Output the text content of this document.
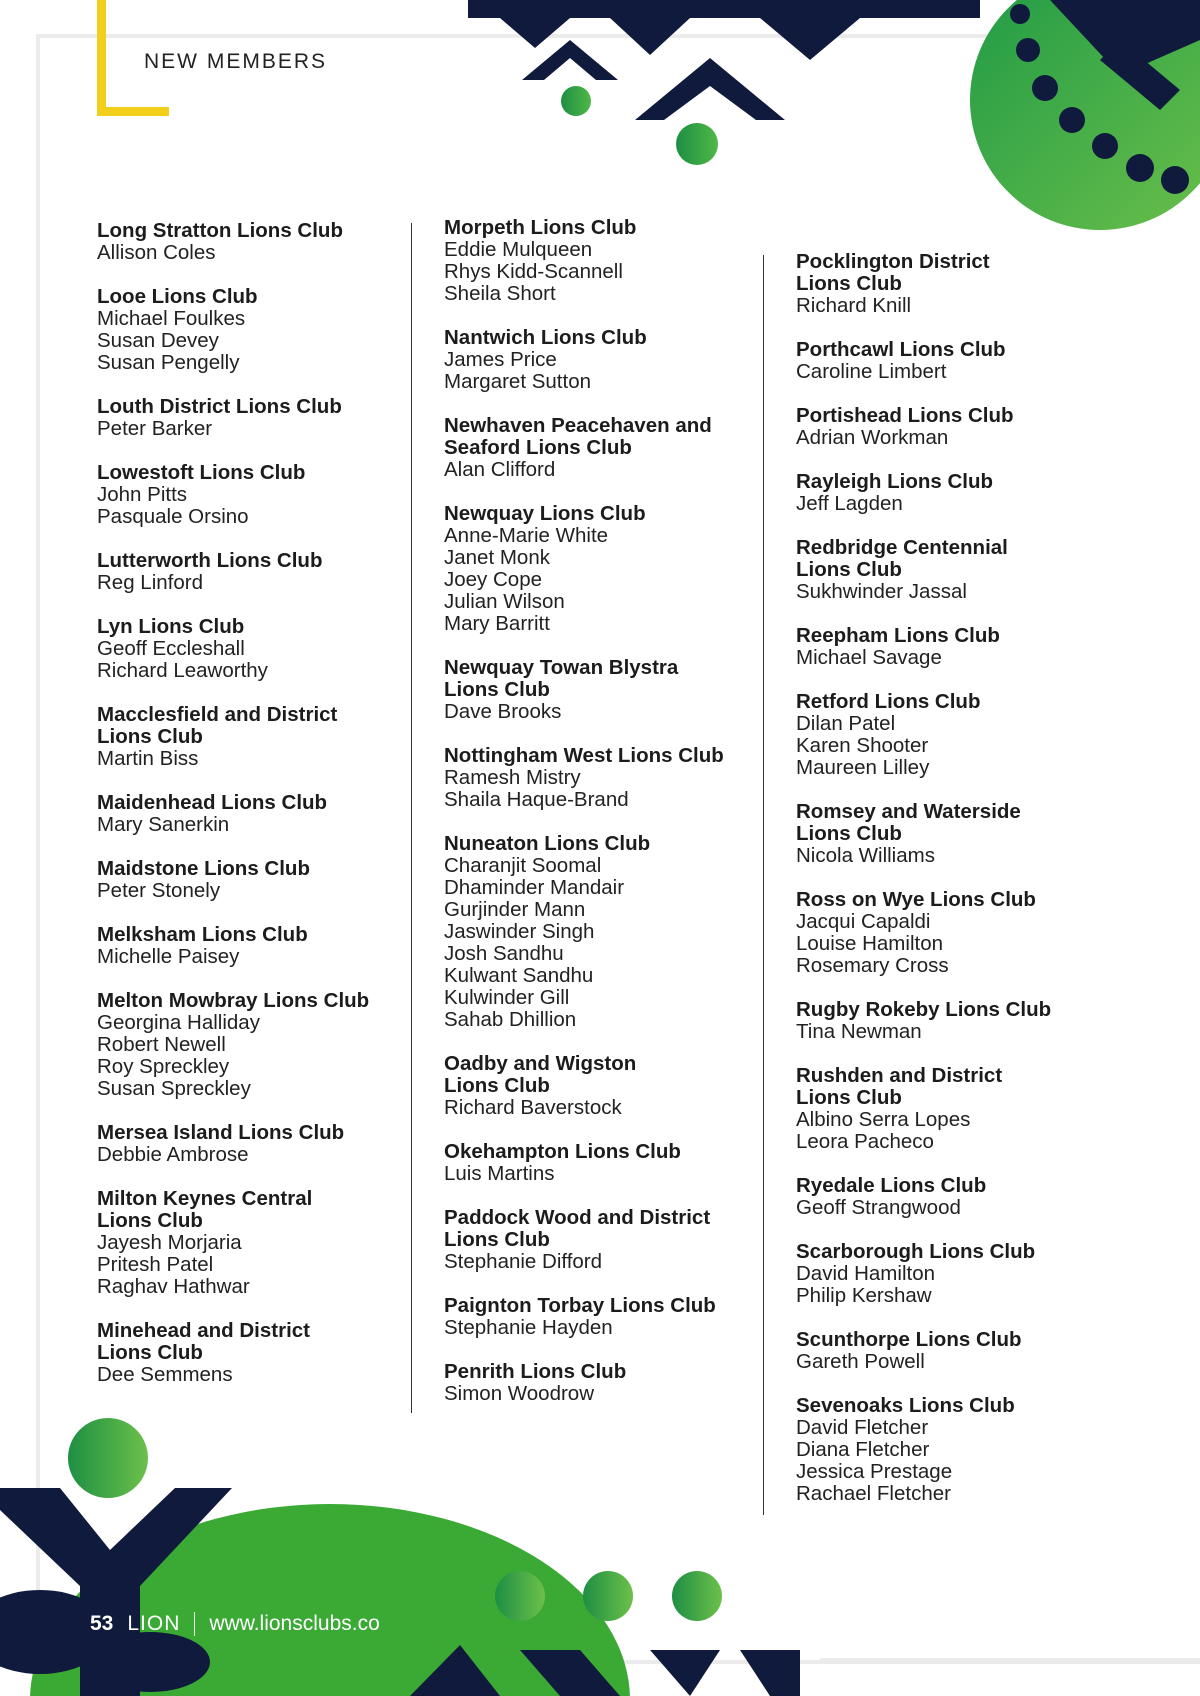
NEW MEMBERS
Long Stratton Lions Club
Allison Coles
Looe Lions Club
Michael Foulkes
Susan Devey
Susan Pengelly
Louth District Lions Club
Peter Barker
Lowestoft Lions Club
John Pitts
Pasquale Orsino
Lutterworth Lions Club
Reg Linford
Lyn Lions Club
Geoff Eccleshall
Richard Leaworthy
Macclesfield and District
Lions Club
Martin Biss
Maidenhead Lions Club
Mary Sanerkin
Maidstone Lions Club
Peter Stonely
Melksham Lions Club
Michelle Paisey
Melton Mowbray Lions Club
Georgina Halliday
Robert Newell
Roy Spreckley
Susan Spreckley
Mersea Island Lions Club
Debbie Ambrose
Milton Keynes Central
Lions Club
Jayesh Morjaria
Pritesh Patel
Raghav Hathwar
Minehead and District
Lions Club
Dee Semmens
Morpeth Lions Club
Eddie Mulqueen
Rhys Kidd-Scannell
Sheila Short
Nantwich Lions Club
James Price
Margaret Sutton
Newhaven Peacehaven and
Seaford Lions Club
Alan Clifford
Newquay Lions Club
Anne-Marie White
Janet Monk
Joey Cope
Julian Wilson
Mary Barritt
Newquay Towan Blystra
Lions Club
Dave Brooks
Nottingham West Lions Club
Ramesh Mistry
Shaila Haque-Brand
Nuneaton Lions Club
Charanjit Soomal
Dhaminder Mandair
Gurjinder Mann
Jaswinder Singh
Josh Sandhu
Kulwant Sandhu
Kulwinder Gill
Sahab Dhillion
Oadby and Wigston
Lions Club
Richard Baverstock
Okehampton Lions Club
Luis Martins
Paddock Wood and District
Lions Club
Stephanie Difford
Paignton Torbay Lions Club
Stephanie Hayden
Penrith Lions Club
Simon Woodrow
Pocklington District
Lions Club
Richard Knill
Porthcawl Lions Club
Caroline Limbert
Portishead Lions Club
Adrian Workman
Rayleigh Lions Club
Jeff Lagden
Redbridge Centennial
Lions Club
Sukhwinder Jassal
Reepham Lions Club
Michael Savage
Retford Lions Club
Dilan Patel
Karen Shooter
Maureen Lilley
Romsey and Waterside
Lions Club
Nicola Williams
Ross on Wye Lions Club
Jacqui Capaldi
Louise Hamilton
Rosemary Cross
Rugby Rokeby Lions Club
Tina Newman
Rushden and District
Lions Club
Albino Serra Lopes
Leora Pacheco
Ryedale Lions Club
Geoff Strangwood
Scarborough Lions Club
David Hamilton
Philip Kershaw
Scunthorpe Lions Club
Gareth Powell
Sevenoaks Lions Club
David Fletcher
Diana Fletcher
Jessica Prestage
Rachael Fletcher
53 LION www.lionsclubs.co
